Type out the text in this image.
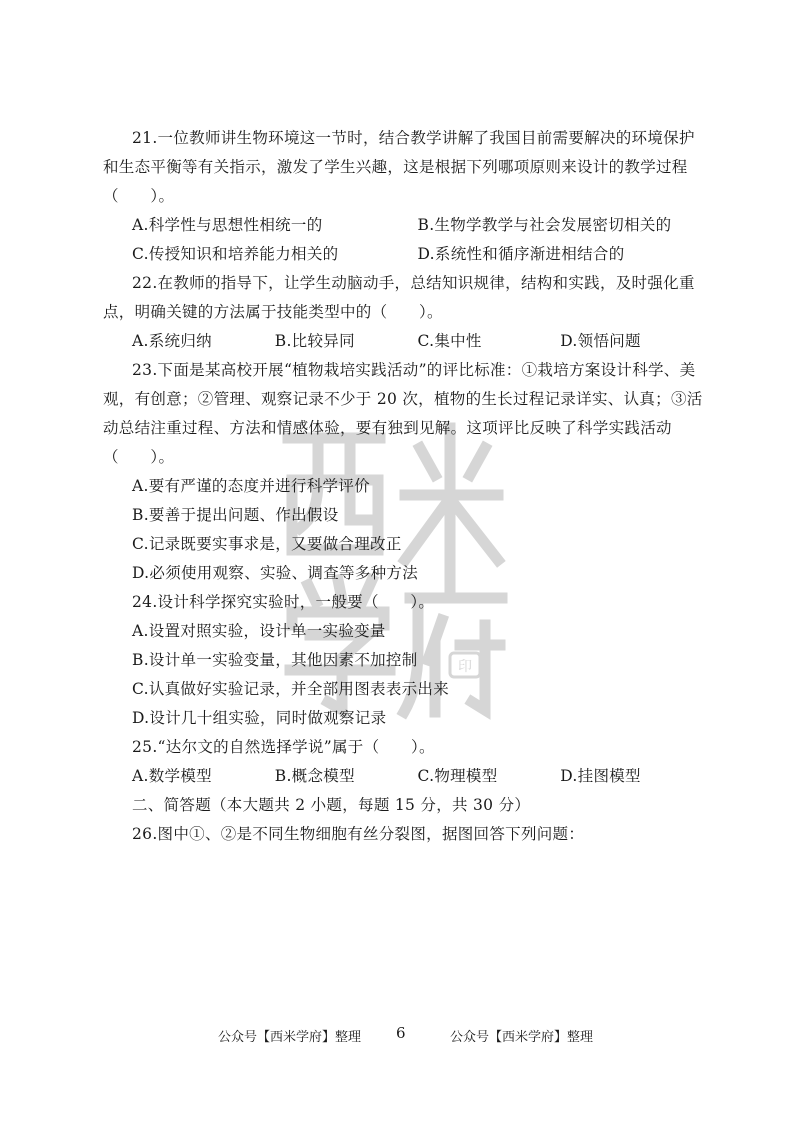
印

21.一位教师讲生物环境这一节时，结合教学讲解了我国目前需要解决的环境保护和生态平衡等有关指示，激发了学生兴趣，这是根据下列哪项原则来设计的教学过程（　　）。

A.科学性与思想性相统一的	B.生物学教学与社会发展密切相关的
C.传授知识和培养能力相关的	D.系统性和循序渐进相结合的

22.在教师的指导下，让学生动脑动手，总结知识规律，结构和实践，及时强化重点，明确关键的方法属于技能类型中的（　　）。

A.系统归纳	B.比较异同	C.集中性	D.领悟问题

23.下面是某高校开展“植物栽培实践活动”的评比标准：①栽培方案设计科学、美观，有创意；②管理、观察记录不少于 20 次，植物的生长过程记录详实、认真；③活动总结注重过程、方法和情感体验，要有独到见解。这项评比反映了科学实践活动（　　）。

A.要有严谨的态度并进行科学评价

B.要善于提出问题、作出假设

C.记录既要实事求是，又要做合理改正

D.必须使用观察、实验、调查等多种方法

24.设计科学探究实验时，一般要（　　）。

A.设置对照实验，设计单一实验变量

B.设计单一实验变量，其他因素不加控制

C.认真做好实验记录，并全部用图表表示出来

D.设计几十组实验，同时做观察记录

25.“达尔文的自然选择学说”属于（　　）。

A.数学模型	B.概念模型	C.物理模型	D.挂图模型

二、简答题（本大题共 2 小题，每题 15 分，共 30 分）

26.图中①、②是不同生物细胞有丝分裂图，据图回答下列问题：

公众号【西米学府】整理 6	公众号【西米学府】整理
